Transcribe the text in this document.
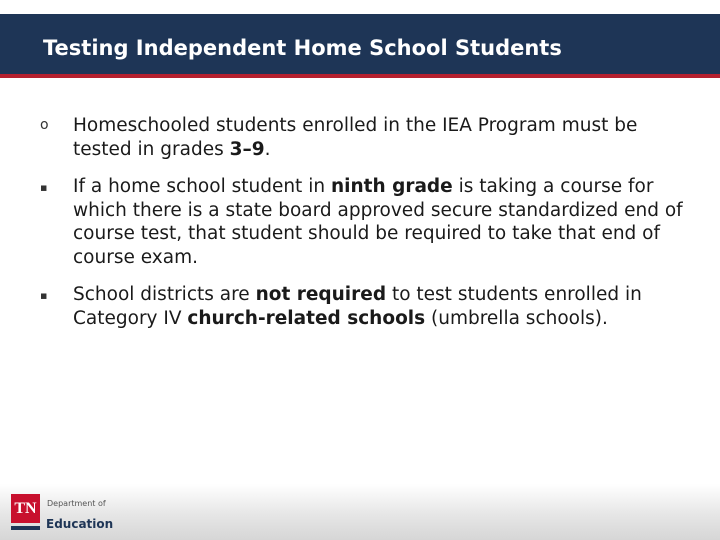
Testing Independent Home School Students
o Homeschooled students enrolled in the IEA Program must be tested in grades 3–9.
▪ If a home school student in ninth grade is taking a course for which there is a state board approved secure standardized end of course test, that student should be required to take that end of course exam.
▪ School districts are not required to test students enrolled in Category IV church-related schools (umbrella schools).
TN	Department of
Education
